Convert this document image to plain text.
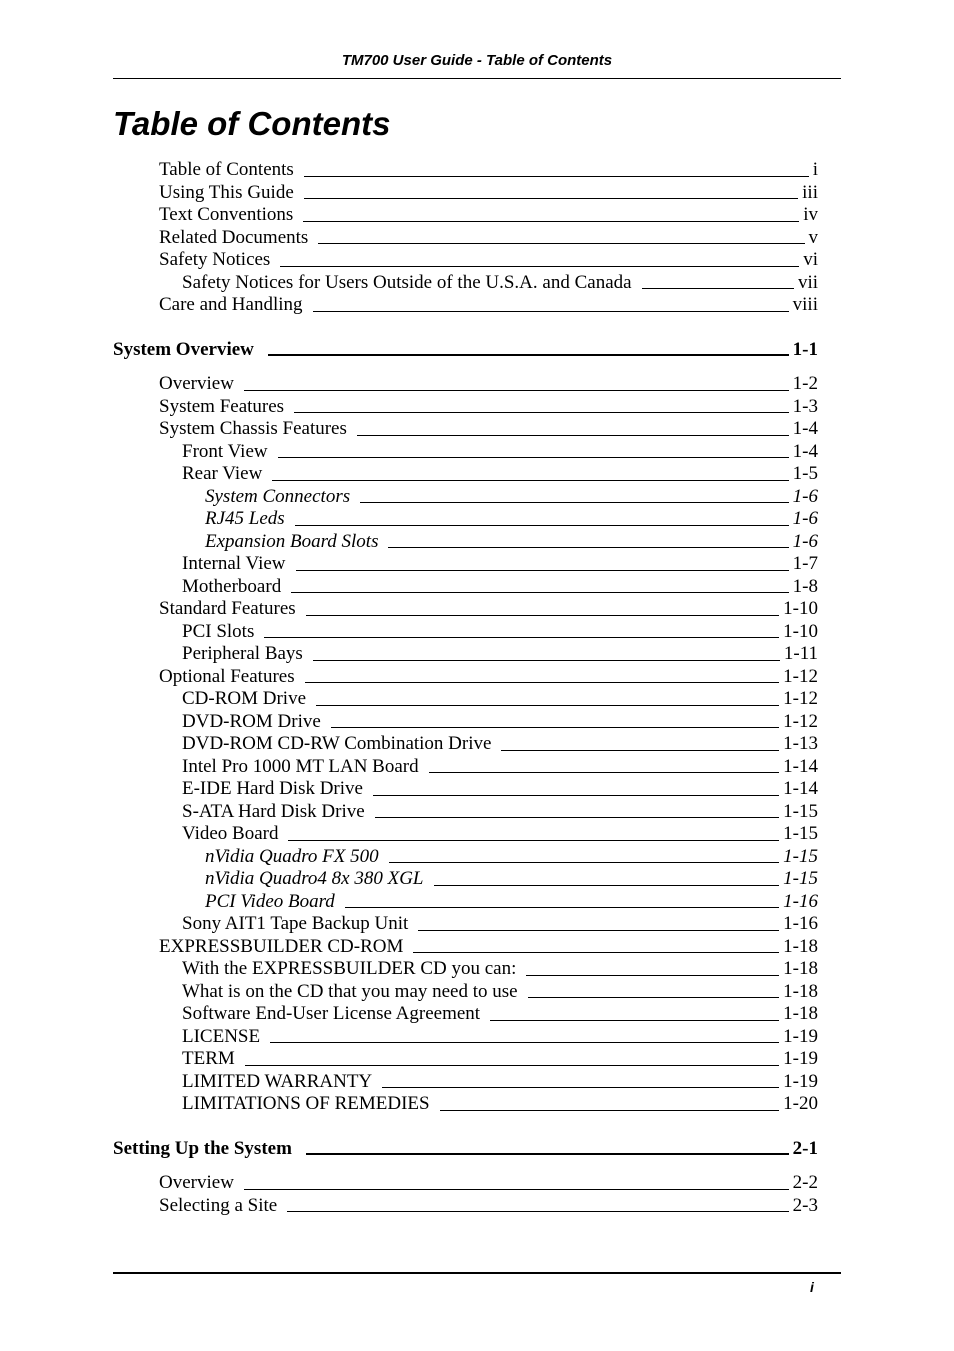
TM700 User Guide - Table of Contents
Table of Contents
Table of Contents	i
Using This Guide	iii
Text Conventions	iv
Related Documents	v
Safety Notices	vi
Safety Notices for Users Outside of the U.S.A. and Canada	vii
Care and Handling	viii
System Overview	1-1
Overview	1-2
System Features	1-3
System Chassis Features	1-4
Front View	1-4
Rear View	1-5
System Connectors	1-6
RJ45 Leds	1-6
Expansion Board Slots	1-6
Internal View	1-7
Motherboard	1-8
Standard Features	1-10
PCI Slots	1-10
Peripheral Bays	1-11
Optional Features	1-12
CD-ROM Drive	1-12
DVD-ROM Drive	1-12
DVD-ROM CD-RW Combination Drive	1-13
Intel Pro 1000 MT LAN Board	1-14
E-IDE Hard Disk Drive	1-14
S-ATA Hard Disk Drive	1-15
Video Board	1-15
nVidia Quadro FX 500	1-15
nVidia Quadro4 8x 380 XGL	1-15
PCI Video Board	1-16
Sony AIT1 Tape Backup Unit	1-16
EXPRESSBUILDER CD-ROM	1-18
With the EXPRESSBUILDER CD you can:	1-18
What is on the CD that you may need to use	1-18
Software End-User License Agreement	1-18
LICENSE	1-19
TERM	1-19
LIMITED WARRANTY	1-19
LIMITATIONS OF REMEDIES	1-20
Setting Up the System	2-1
Overview	2-2
Selecting a Site	2-3
i
